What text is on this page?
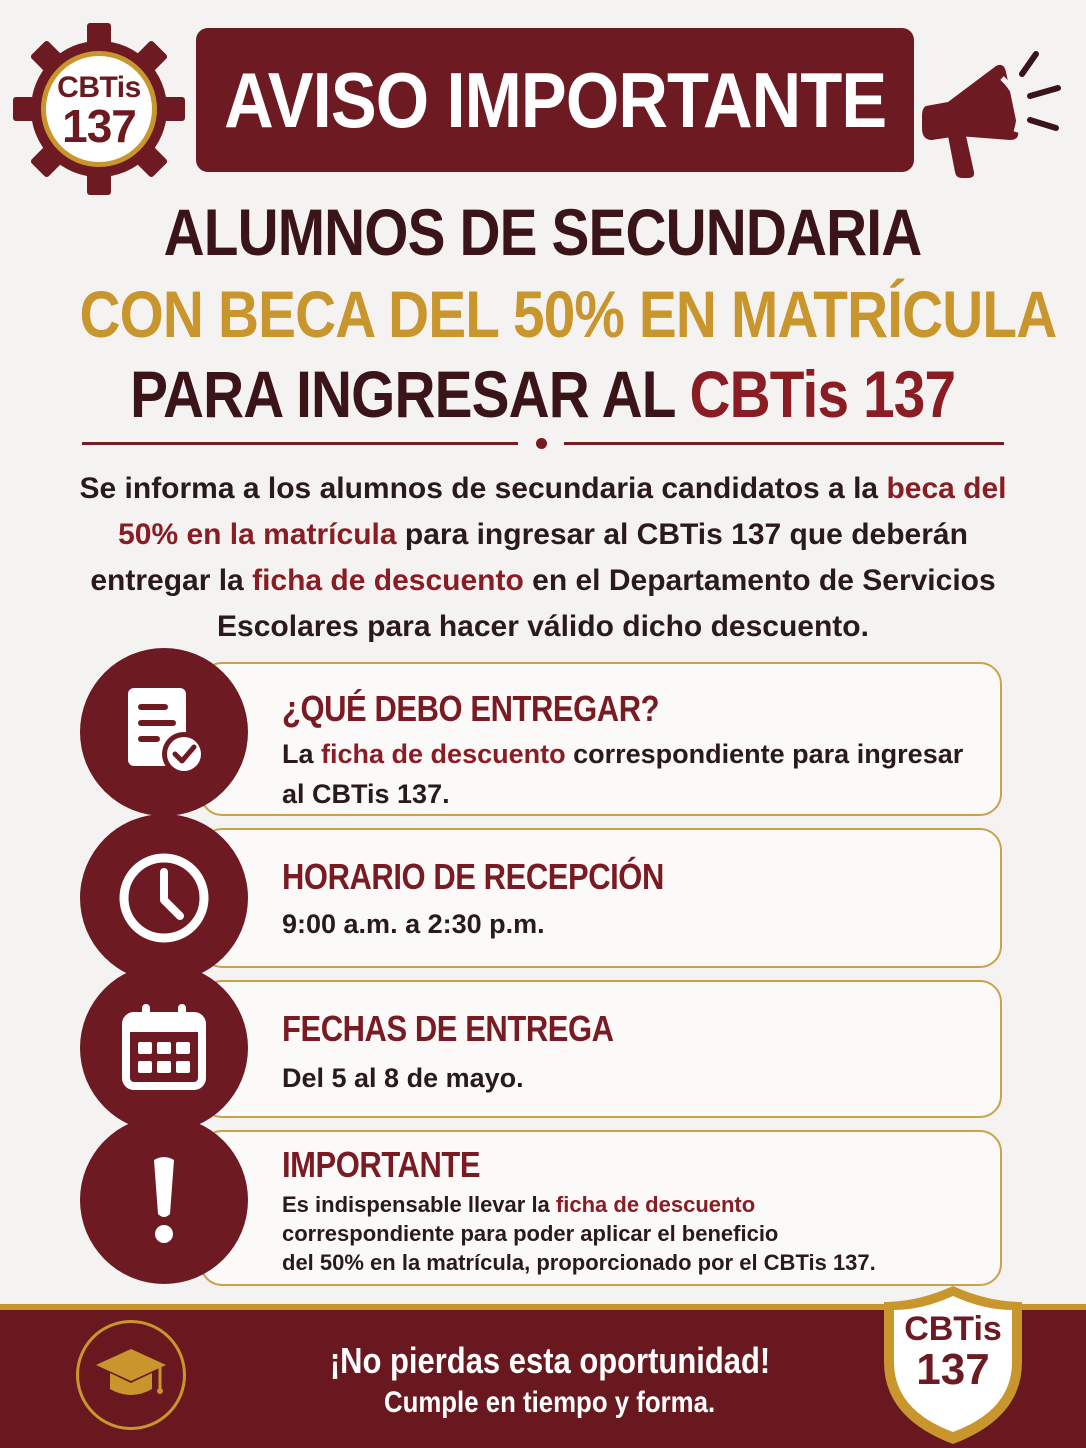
CBTis
137 AVISO IMPORTANTE
ALUMNOS DE SECUNDARIA
CON BECA DEL 50% EN MATRÍCULA
PARA INGRESAR AL CBTis 137
Se informa a los alumnos de secundaria candidatos a la beca del 50% en la matrícula para ingresar al CBTis 137 que deberán entregar la ficha de descuento en el Departamento de Servicios Escolares para hacer válido dicho descuento.
¿QUÉ DEBO ENTREGAR?
La ficha de descuento correspondiente para ingresar al CBTis 137.
HORARIO DE RECEPCIÓN
9:00 a.m. a 2:30 p.m.
FECHAS DE ENTREGA
Del 5 al 8 de mayo.
IMPORTANTE
Es indispensable llevar la ficha de descuento
correspondiente para poder aplicar el beneficio
del 50% en la matrícula, proporcionado por el CBTis 137.
¡No pierdas esta oportunidad!
Cumple en tiempo y forma.
CBTis
137
